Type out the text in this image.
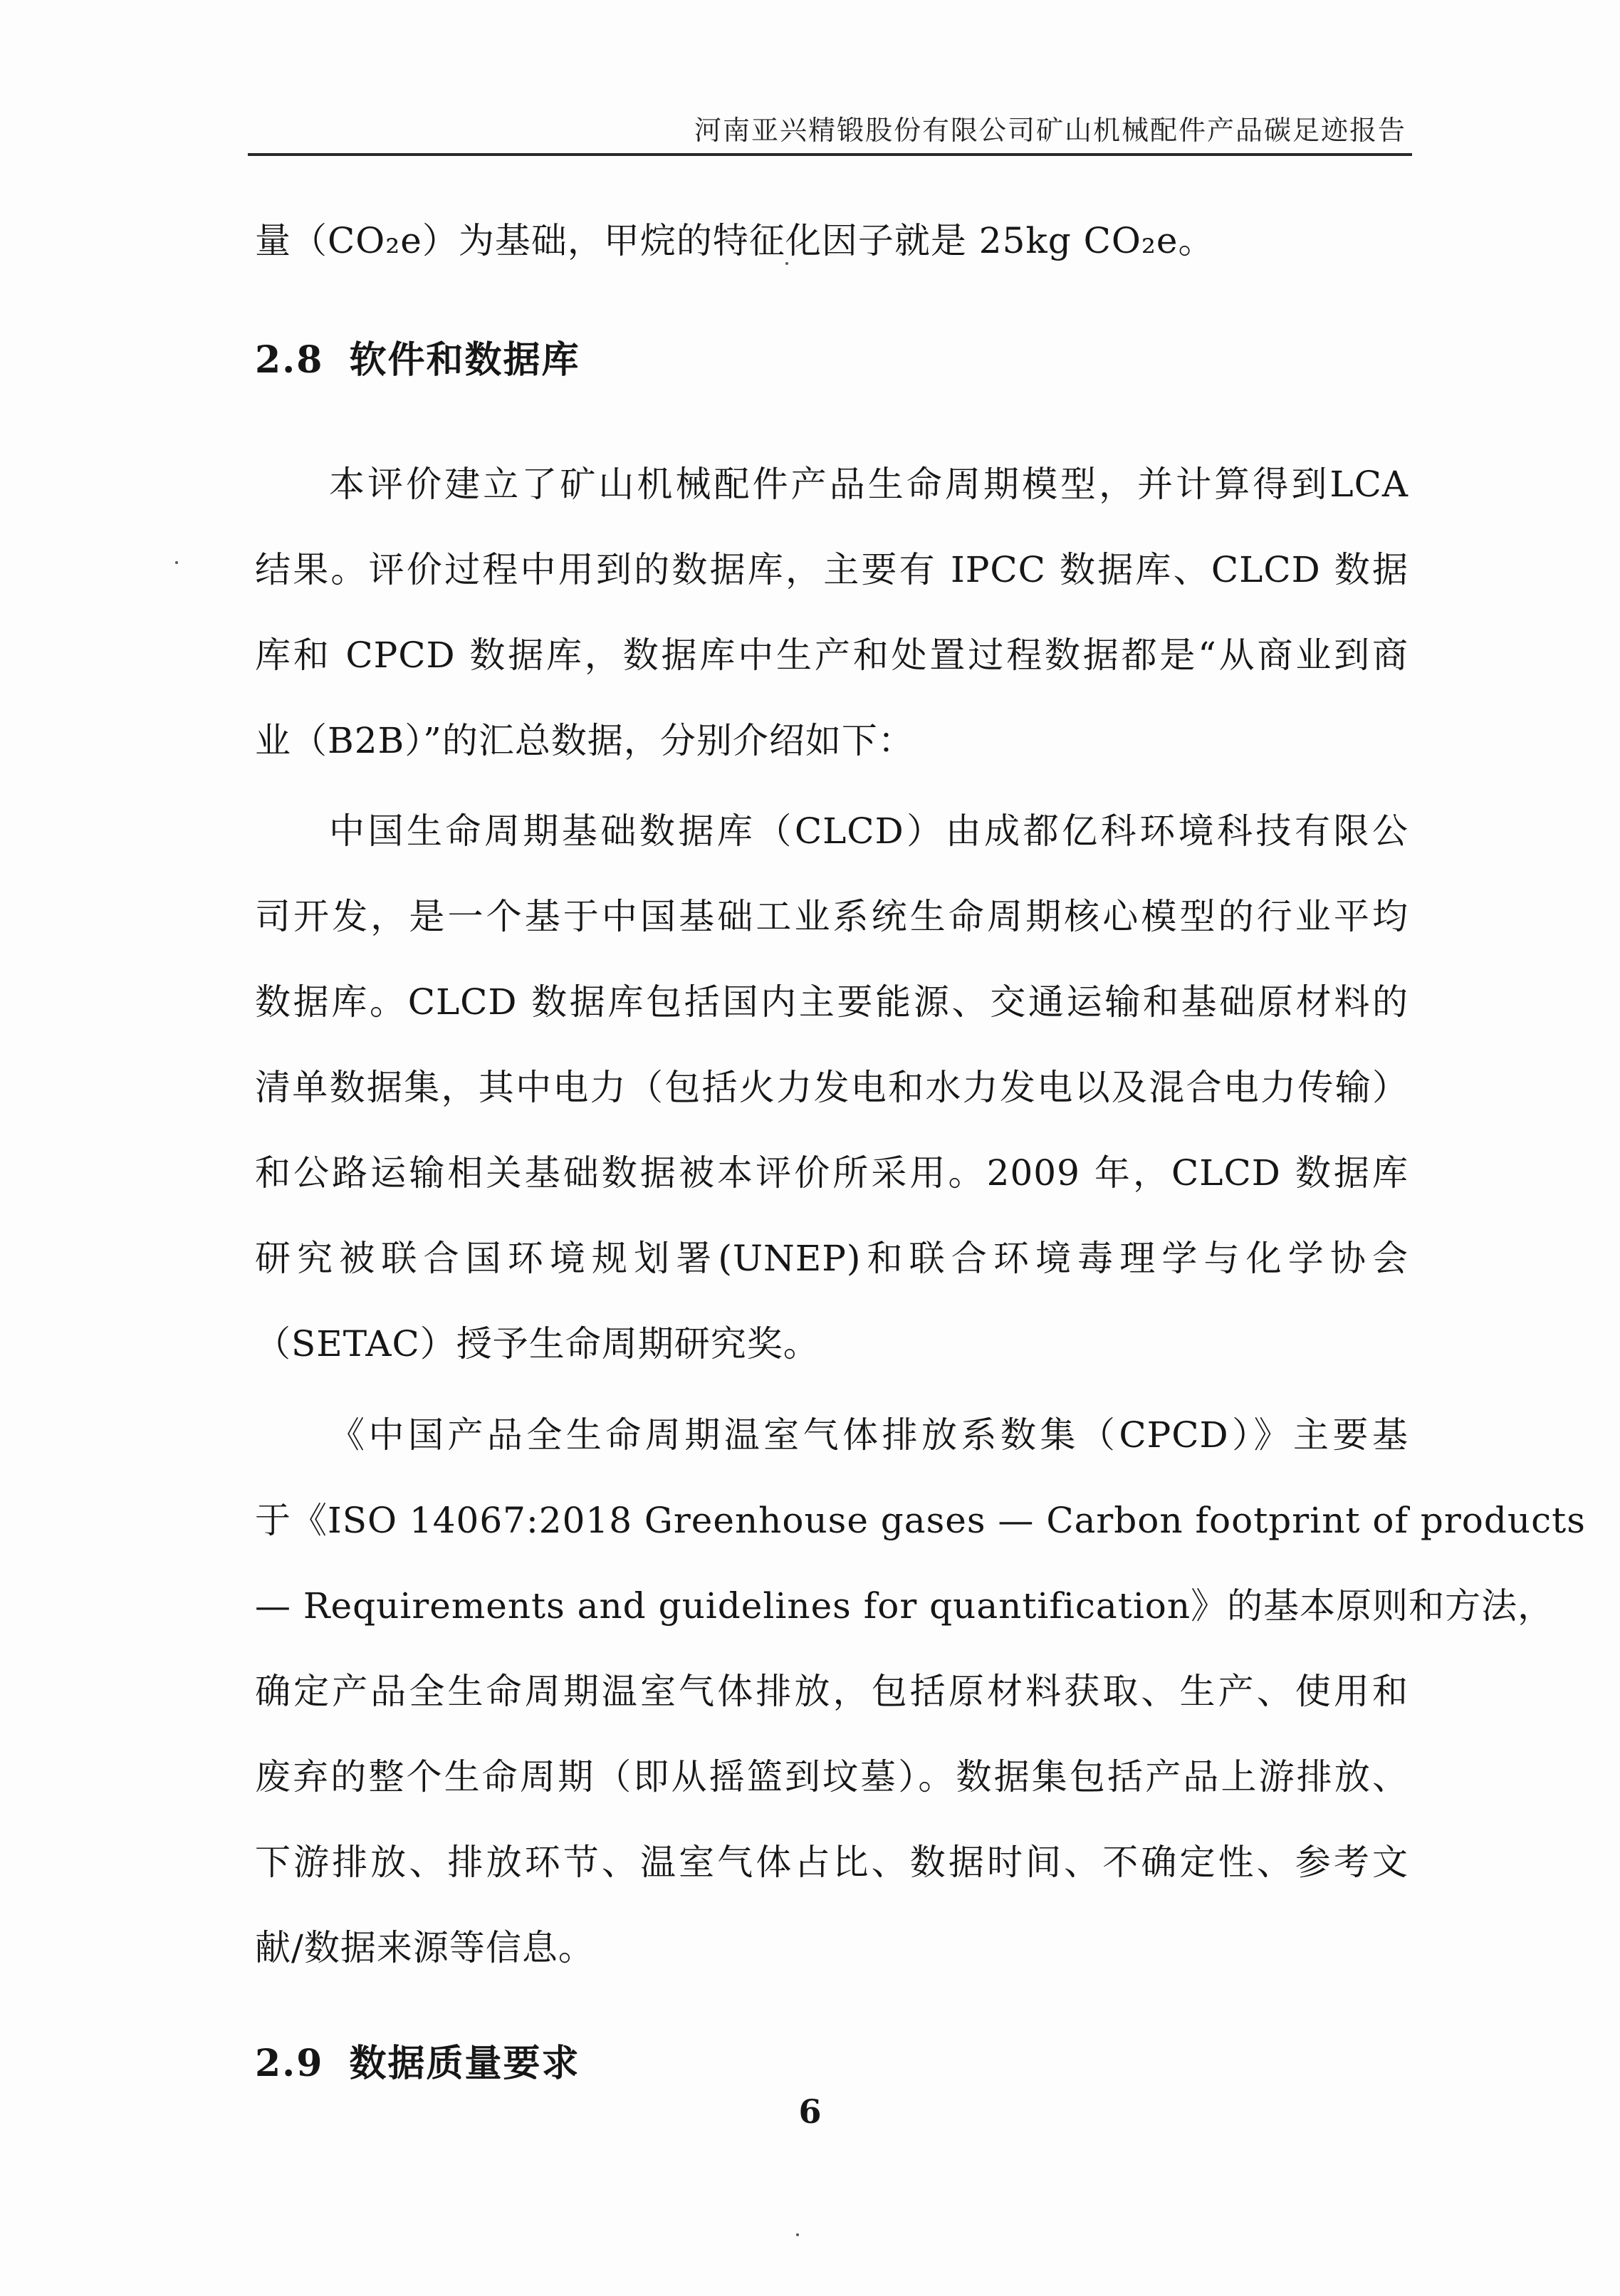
河南亚兴精锻股份有限公司矿山机械配件产品碳足迹报告
量（CO₂e）为基础，甲烷的特征化因子就是 25kg CO₂e。
2.8 软件和数据库
本评价建立了矿山机械配件产品生命周期模型，并计算得到LCA
结果。评价过程中用到的数据库，主要有 IPCC 数据库、CLCD 数据
库和 CPCD 数据库，数据库中生产和处置过程数据都是“从商业到商
业（B2B）”的汇总数据，分别介绍如下：
中国生命周期基础数据库（CLCD）由成都亿科环境科技有限公
司开发，是一个基于中国基础工业系统生命周期核心模型的行业平均
数据库。CLCD 数据库包括国内主要能源、交通运输和基础原材料的
清单数据集，其中电力（包括火力发电和水力发电以及混合电力传输）
和公路运输相关基础数据被本评价所采用。2009 年，CLCD 数据库
研究被联合国环境规划署(UNEP)和联合环境毒理学与化学协会
（SETAC）授予生命周期研究奖。
《中国产品全生命周期温室气体排放系数集（CPCD）》主要基
于《ISO 14067:2018 Greenhouse gases — Carbon footprint of products
— Requirements and guidelines for quantification》的基本原则和方法，
确定产品全生命周期温室气体排放，包括原材料获取、生产、使用和
废弃的整个生命周期（即从摇篮到坟墓）。数据集包括产品上游排放、
下游排放、排放环节、温室气体占比、数据时间、不确定性、参考文
献/数据来源等信息。
2.9 数据质量要求
6
